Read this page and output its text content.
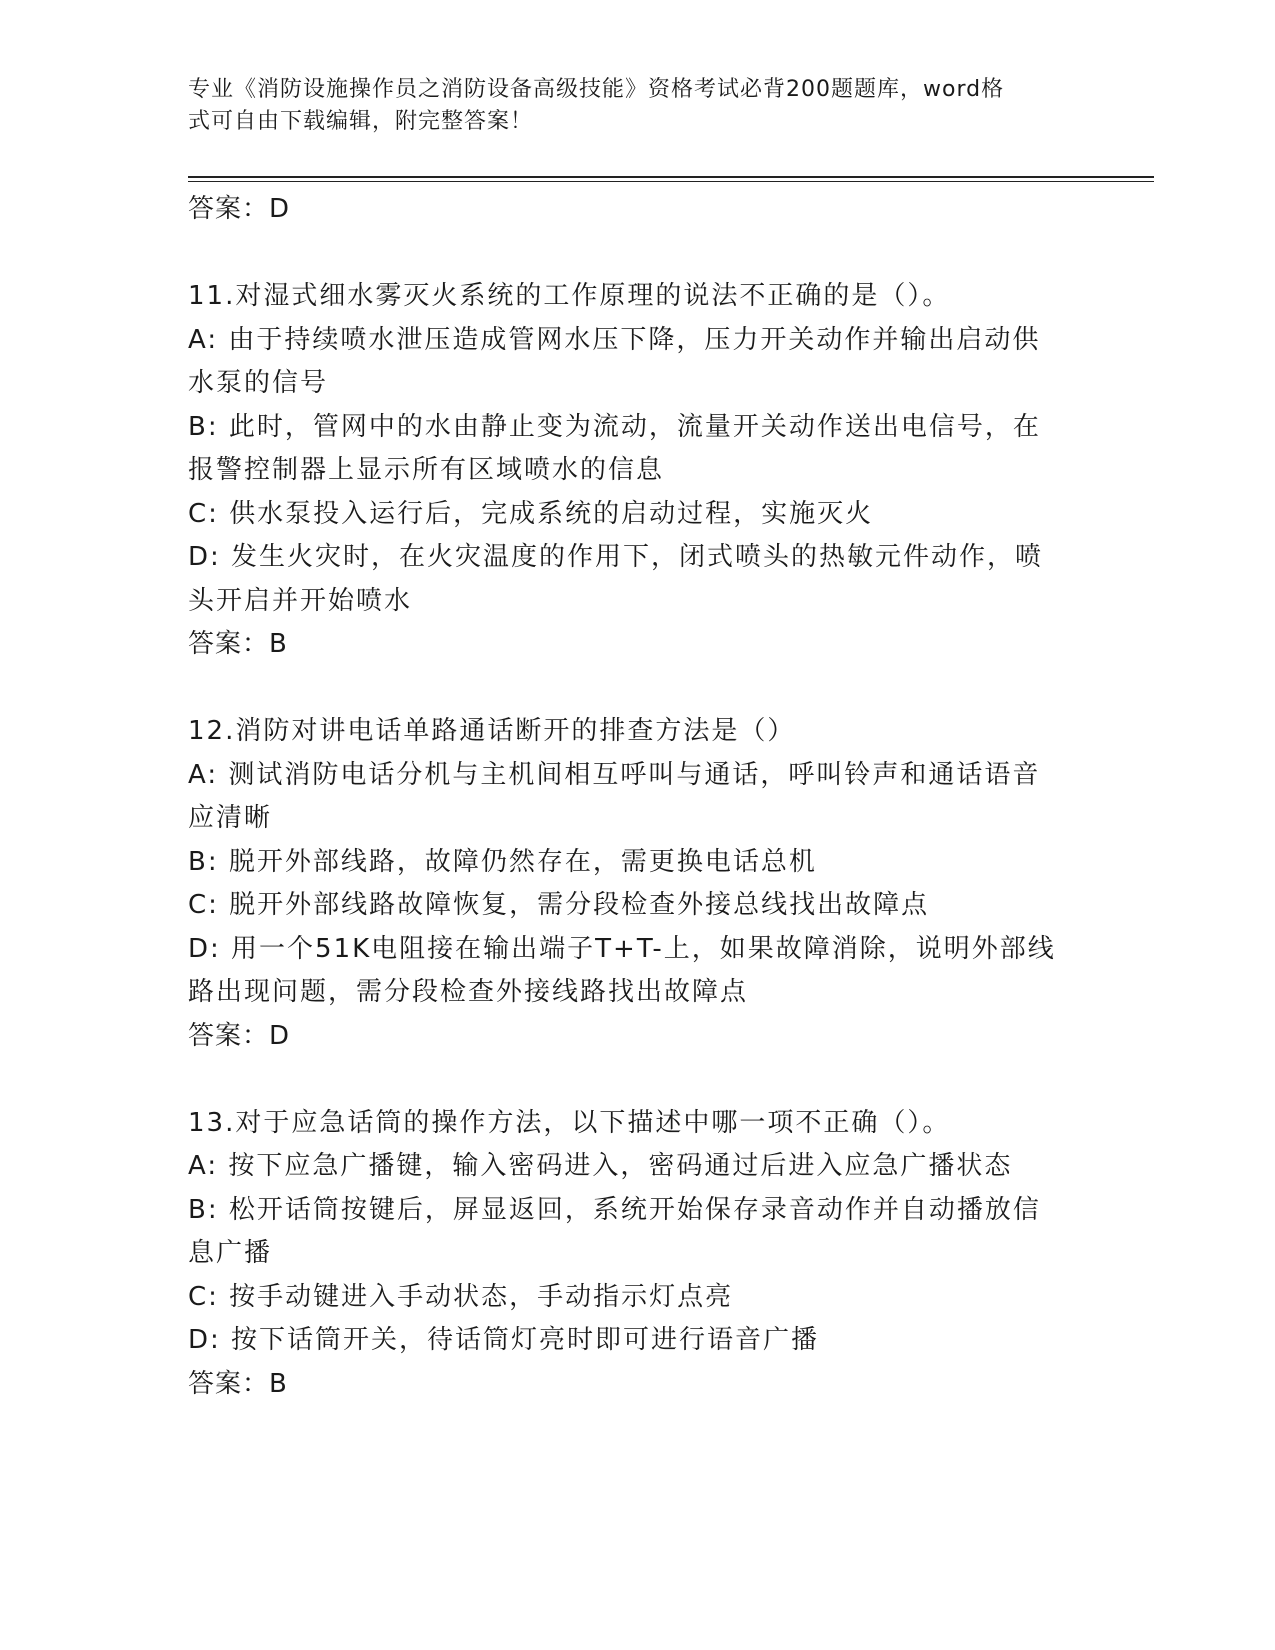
专业《消防设施操作员之消防设备高级技能》资格考试必背200题题库，word格
式可自由下载编辑，附完整答案！
答案：D
11.对湿式细水雾灭火系统的工作原理的说法不正确的是（）。
A: 由于持续喷水泄压造成管网水压下降，压力开关动作并输出启动供
水泵的信号
B: 此时，管网中的水由静止变为流动，流量开关动作送出电信号，在
报警控制器上显示所有区域喷水的信息
C: 供水泵投入运行后，完成系统的启动过程，实施灭火
D: 发生火灾时，在火灾温度的作用下，闭式喷头的热敏元件动作，喷
头开启并开始喷水
答案：B
12.消防对讲电话单路通话断开的排查方法是（）
A: 测试消防电话分机与主机间相互呼叫与通话，呼叫铃声和通话语音
应清晰
B: 脱开外部线路，故障仍然存在，需更换电话总机
C: 脱开外部线路故障恢复，需分段检查外接总线找出故障点
D: 用一个51K电阻接在输出端子T+T-上，如果故障消除，说明外部线
路出现问题，需分段检查外接线路找出故障点
答案：D
13.对于应急话筒的操作方法，以下描述中哪一项不正确（）。
A: 按下应急广播键，输入密码进入，密码通过后进入应急广播状态
B: 松开话筒按键后，屏显返回，系统开始保存录音动作并自动播放信
息广播
C: 按手动键进入手动状态，手动指示灯点亮
D: 按下话筒开关，待话筒灯亮时即可进行语音广播
答案：B
